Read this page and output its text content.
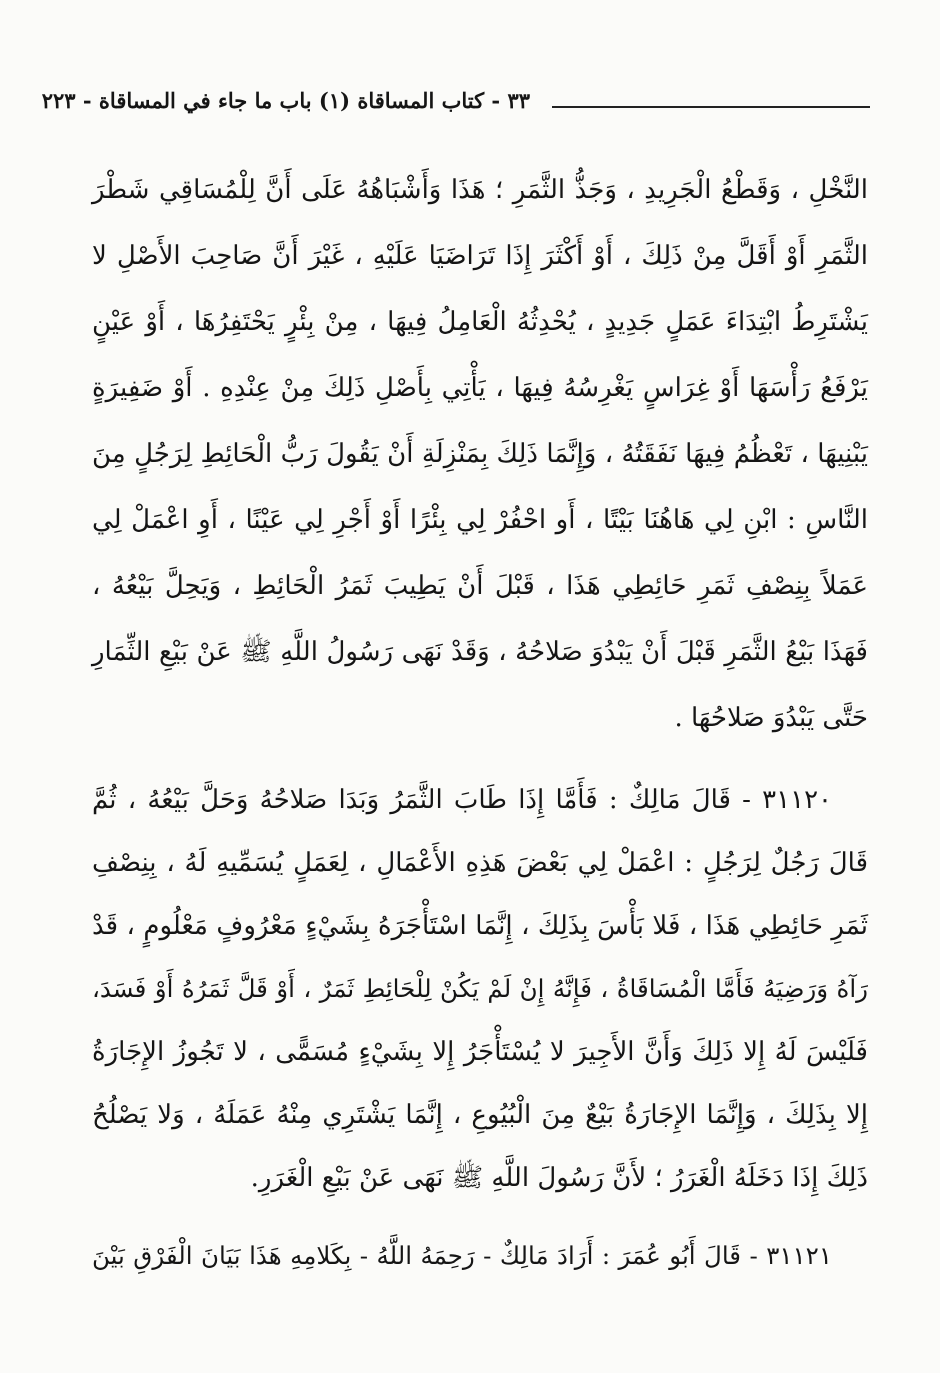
٣٣ - كتاب المساقاة (١) باب ما جاء في المساقاة - ٢٢٣
النَّخْلِ ، وَقَطْعُ الْجَرِيدِ ، وَجَذُّ الثَّمَرِ ؛ هَذَا وَأَشْبَاهُهُ عَلَى أَنَّ لِلْمُسَاقِي شَطْرَ
الثَّمَرِ أَوْ أَقَلَّ مِنْ ذَلِكَ ، أَوْ أَكْثَرَ إِذَا تَرَاضَيَا عَلَيْهِ ، غَيْرَ أَنَّ صَاحِبَ الأَصْلِ لا
يَشْتَرِطُ ابْتِدَاءَ عَمَلٍ جَدِيدٍ ، يُحْدِثُهُ الْعَامِلُ فِيهَا ، مِنْ بِئْرٍ يَحْتَفِرُهَا ، أَوْ عَيْنٍ
يَرْفَعُ رَأْسَهَا أَوْ غِرَاسٍ يَغْرِسُهُ فِيهَا ، يَأْتِي بِأَصْلِ ذَلِكَ مِنْ عِنْدِهِ . أَوْ ضَفِيرَةٍ
يَبْنِيهَا ، تَعْظُمُ فِيهَا نَفَقَتُهُ ، وَإِنَّمَا ذَلِكَ بِمَنْزِلَةِ أَنْ يَقُولَ رَبُّ الْحَائِطِ لِرَجُلٍ مِنَ
النَّاسِ : ابْنِ لِي هَاهُنَا بَيْتًا ، أَو احْفُرْ لِي بِئْرًا أَوْ أَجْرِ لِي عَيْنًا ، أَوِ اعْمَلْ لِي
عَمَلاً بِنِصْفِ ثَمَرِ حَائِطِي هَذَا ، قَبْلَ أَنْ يَطِيبَ ثَمَرُ الْحَائِطِ ، وَيَحِلَّ بَيْعُهُ ،
فَهَذَا بَيْعُ الثَّمَرِ قَبْلَ أَنْ يَبْدُوَ صَلاحُهُ ، وَقَدْ نَهَى رَسُولُ اللَّهِ ﷺ عَنْ بَيْعِ الثِّمَارِ
حَتَّى يَبْدُوَ صَلاحُهَا .
٣١١٢٠ - قَالَ مَالِكٌ : فَأَمَّا إِذَا طَابَ الثَّمَرُ وَبَدَا صَلاحُهُ وَحَلَّ بَيْعُهُ ، ثُمَّ
قَالَ رَجُلٌ لِرَجُلٍ : اعْمَلْ لِي بَعْضَ هَذِهِ الأَعْمَالِ ، لِعَمَلٍ يُسَمِّيهِ لَهُ ، بِنِصْفِ
ثَمَرِ حَائِطِي هَذَا ، فَلا بَأْسَ بِذَلِكَ ، إِنَّمَا اسْتَأْجَرَهُ بِشَيْءٍ مَعْرُوفٍ مَعْلُومٍ ، قَدْ
رَآهُ وَرَضِيَهُ فَأَمَّا الْمُسَاقَاةُ ، فَإِنَّهُ إِنْ لَمْ يَكُنْ لِلْحَائِطِ ثَمَرٌ ، أَوْ قَلَّ ثَمَرُهُ أَوْ فَسَدَ،
فَلَيْسَ لَهُ إِلا ذَلِكَ وَأَنَّ الأَجِيرَ لا يُسْتَأْجَرُ إِلا بِشَيْءٍ مُسَمًّى ، لا تَجُوزُ الإِجَارَةُ
إِلا بِذَلِكَ ، وَإِنَّمَا الإِجَارَةُ بَيْعٌ مِنَ الْبُيُوعِ ، إِنَّمَا يَشْتَرِي مِنْهُ عَمَلَهُ ، وَلا يَصْلُحُ
ذَلِكَ إِذَا دَخَلَهُ الْغَرَرُ ؛ لأَنَّ رَسُولَ اللَّهِ ﷺ نَهَى عَنْ بَيْعِ الْغَرَرِ.
٣١١٢١ - قَالَ أَبُو عُمَرَ : أَرَادَ مَالِكٌ - رَحِمَهُ اللَّهُ - بِكَلامِهِ هَذَا بَيَانَ الْفَرْقِ بَيْنَ
